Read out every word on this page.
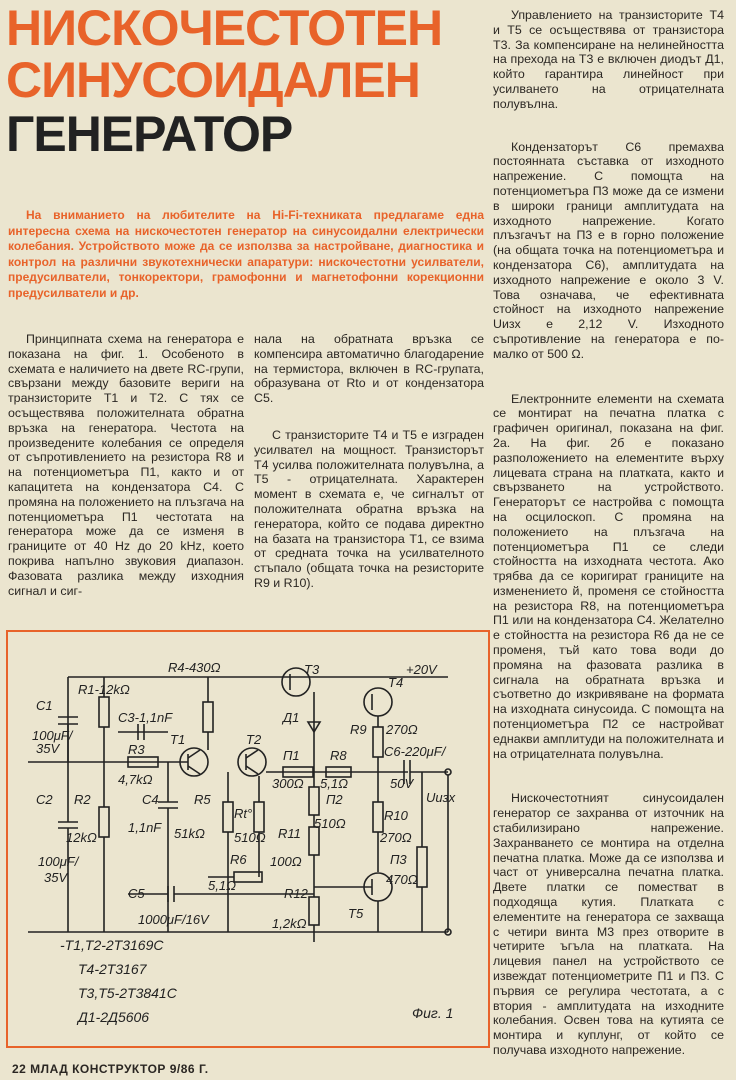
НИСКОЧЕСТОТЕН
СИНУСОИДАЛЕН
ГЕНЕРАТОР
На вниманието на любителите на Hi-Fi-техниката предлагаме една интересна схема на нискочестотен генератор на синусоидални електрически колебания. Устройството може да се използва за настройване, диагностика и контрол на различни звукотехнически апаратури: нискочестотни усилватели, предусилватели, тонкоректори, грамофонни и магнетофонни корекционни предусилватели и др.

Принципната схема на генератора е показана на фиг. 1. Особеното в схемата е наличието на двете RC-групи, свързани между базовите вериги на транзисторите Т1 и Т2. С тях се осъществява положителната обратна връзка на генератора. Честота на произведените колебания се определя от съпротивлението на резистора R8 и на потенциометъра П1, както и от капацитета на кондензатора С4. С промяна на положението на плъзгача на потенциометъра П1 честотата на генератора може да се изменя в границите от 40 Hz до 20 kHz, което покрива напълно звуковия диапазон. Фазовата разлика между изходния сигнал и сиг-

нала на обратната връзка се компенсира автоматично благодарение на термистора, включен в RC-групата, образувана от Rto и от кондензатора С5.

С транзисторите Т4 и Т5 е изграден усилвател на мощност. Транзисторът Т4 усилва положителната полувълна, а Т5 - отрицателната. Характерен момент в схемата е, че сигналът от положителната обратна връзка на генератора, който се подава директно на базата на транзистора Т1, се взима от средната точка на усилвателното стъпало (общата точка на резисторите R9 и R10).

Управлението на транзисторите Т4 и Т5 се осъществява от транзистора Т3. За компенсиране на нелинейността на прехода на Т3 е включен диодът Д1, който гарантира линейност при усилването на отрицателната полувълна.

Кондензаторът С6 премахва постоянната съставка от изходното напрежение. С помощта на потенциометъра П3 може да се измени в широки граници амплитудата на изходното напрежение. Когато плъзгачът на П3 е в горно положение (на общата точка на потенциометъра и кондензатора С6), амплитудата на изходното напрежение е около 3 V. Това означава, че ефективната стойност на изходното напрежение Uизх е 2,12 V. Изходното съпротивление на генератора е по-малко от 500 Ω.

Електронните елементи на схемата се монтират на печатна платка с графичен оригинал, показана на фиг. 2а. На фиг. 2б е показано разположението на елементите върху лицевата страна на платката, както и свързването на устройството. Генераторът се настройва с помощта на осцилоскоп. С промяна на положението на плъзгача на потенциометъра П1 се следи стойността на изходната честота. Ако трябва да се коригират границите на изменението й, променя се стойността на резистора R8, на потенциометъра П1 или на кондензатора С4. Желателно е стойността на резистора R6 да не се променя, тъй като това води до промяна на фазовата разлика в сигнала на обратната връзка и съответно до изкривяване на формата на изходната синусоида. С помощта на потенциометъра П2 се настройват еднакви амплитуди на положителната и на отрицателната полувълна.

Нискочестотният синусоидален генератор се захранва от източник на стабилизирано напрежение. Захранването се монтира на отделна печатна платка. Може да се използва и част от универсална печатна платка. Двете платки се поместват в подходяща кутия. Платката с елементите на генератора се захваща с четири винта М3 през отворите в четирите ъгъла на платката. На лицевия панел на устройството се извеждат потенциометрите П1 и П3. С първия се регулира честотата, а с втория - амплитудата на изходните колебания. Освен това на кутията се монтира и куплунг, от който се получава изходното напрежение.

R4-430Ω	T3
T4
+20V
C1
100μF/
35V
R1-12kΩ
C3-1,1nF	Д1
R9 270Ω
T1	T2
R3
4,7kΩ
П1
300Ω
R8
5,1Ω
C6-220μF/
50V
C2 R2
12kΩ
100μF/
35V
C4
1,1nF
R5
51kΩ
Rt°
510Ω
П2
510Ω
R11
100Ω
R10
270Ω
Uизх
П3
470Ω
R6
5,1Ω
C5
1000μF/16V
R12
1,2kΩ
T5
-T1,T2-2T3169C
T4-2T3167
T3,T5-2T3841C
Д1-2Д5606	Фиг. 1
22 МЛАД КОНСТРУКТОР 9/86 Г.
